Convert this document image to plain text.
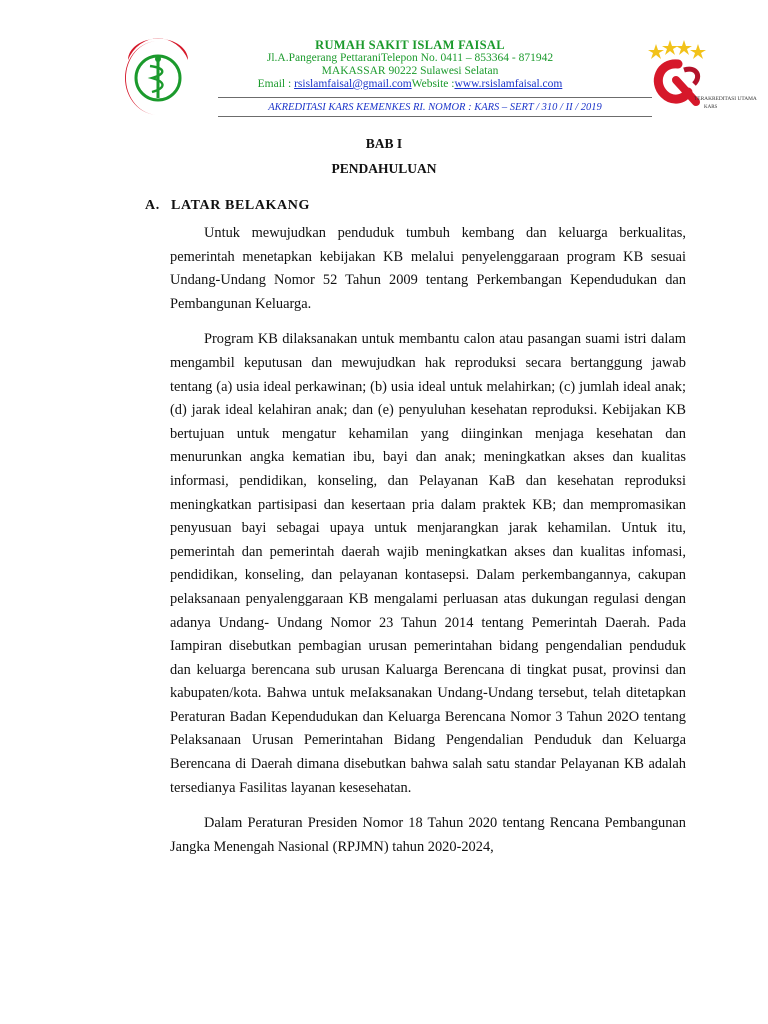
RUMAH SAKIT ISLAM FAISAL
Jl.A.Pangerang PettaraniTelepon No. 0411 – 853364 - 871942
MAKASSAR 90222 Sulawesi Selatan
Email : rsislamfaisal@gmail.comWebsite :www.rsislamfaisal.com
AKREDITASI KARS KEMENKES RI. NOMOR : KARS – SERT / 310 / II / 2019
TERAKREDITASI UTAMA
KARS
BAB I
PENDAHULUAN
A. LATAR BELAKANG

Untuk mewujudkan penduduk tumbuh kembang dan keluarga berkualitas, pemerintah menetapkan kebijakan KB melalui penyelenggaraan program KB sesuai Undang-Undang Nomor 52 Tahun 2009 tentang Perkembangan Kependudukan dan Pembangunan Keluarga.

Program KB dilaksanakan untuk membantu calon atau pasangan suami istri dalam mengambil keputusan dan mewujudkan hak reproduksi secara bertanggung jawab tentang (a) usia ideal perkawinan; (b) usia ideal untuk melahirkan; (c) jumlah ideal anak; (d) jarak ideal kelahiran anak; dan (e) penyuluhan kesehatan reproduksi. Kebijakan KB bertujuan untuk mengatur kehamilan yang diinginkan menjaga kesehatan dan menurunkan angka kematian ibu, bayi dan anak; meningkatkan akses dan kualitas informasi, pendidikan, konseling, dan Pelayanan KaB dan kesehatan reproduksi meningkatkan partisipasi dan kesertaan pria dalam praktek KB; dan mempromasikan penyusuan bayi sebagai upaya untuk menjarangkan jarak kehamilan. Untuk itu, pemerintah dan pemerintah daerah wajib meningkatkan akses dan kualitas infomasi, pendidikan, konseling, dan pelayanan kontasepsi. Dalam perkembangannya, cakupan pelaksanaan penyalenggaraan KB mengalami perluasan atas dukungan regulasi dengan adanya Undang- Undang Nomor 23 Tahun 2014 tentang Pemerintah Daerah. Pada Iampiran disebutkan pembagian urusan pemerintahan bidang pengendalian penduduk dan keluarga berencana sub urusan Kaluarga Berencana di tingkat pusat, provinsi dan kabupaten/kota. Bahwa untuk meIaksanakan Undang-Undang tersebut, telah ditetapkan Peraturan Badan Kependudukan dan Keluarga Berencana Nomor 3 Tahun 202O tentang Pelaksanaan Urusan Pemerintahan Bidang Pengendalian Penduduk dan Keluarga Berencana di Daerah dimana disebutkan bahwa salah satu standar Pelayanan KB adalah tersedianya Fasilitas layanan kesesehatan.

Dalam Peraturan Presiden Nomor 18 Tahun 2020 tentang Rencana Pembangunan Jangka Menengah Nasional (RPJMN) tahun 2020-2024,
